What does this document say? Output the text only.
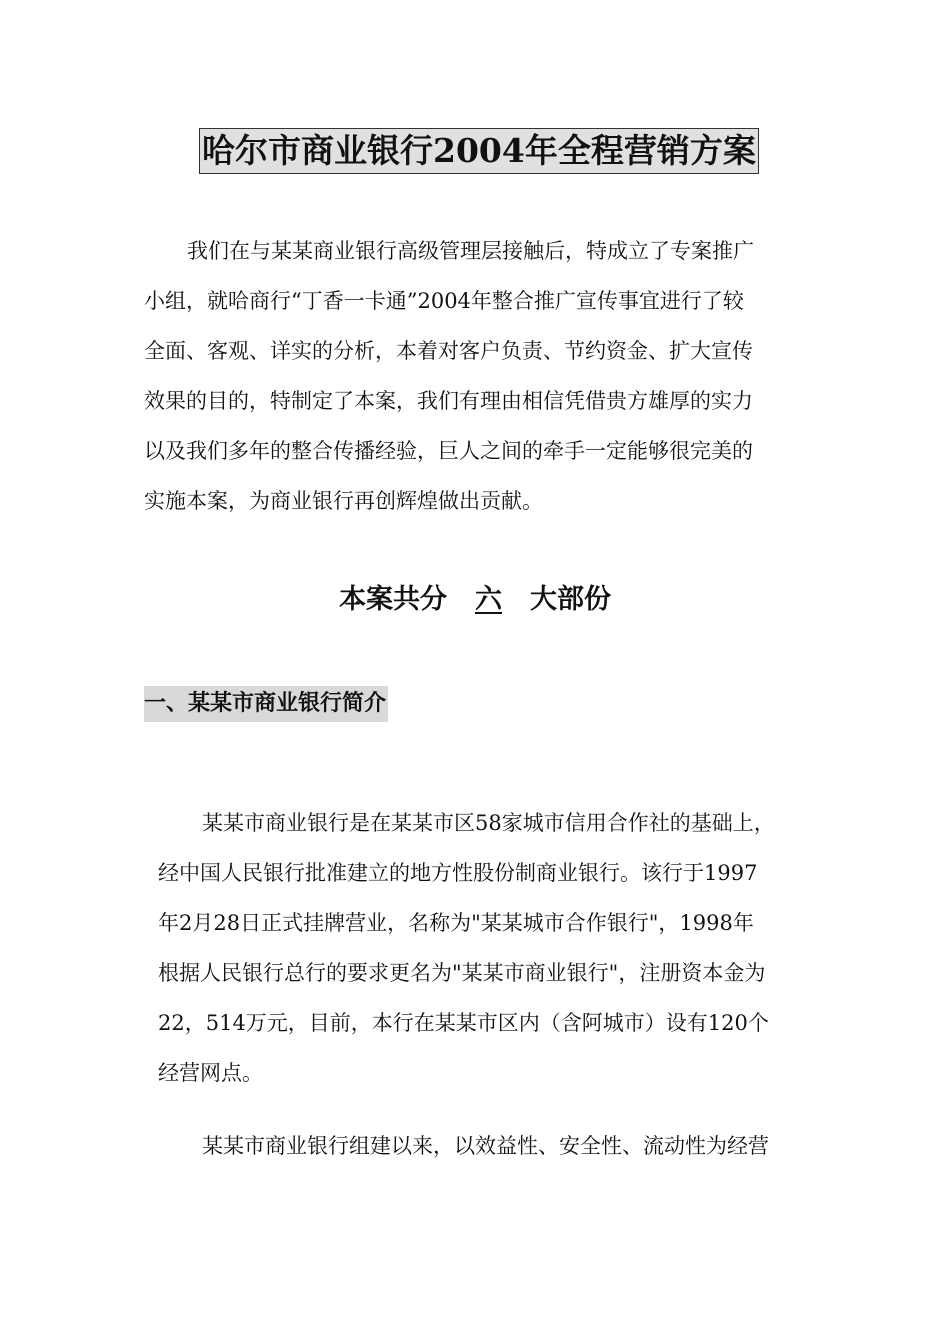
哈尔市商业银行2004年全程营销方案
我们在与某某商业银行高级管理层接触后，特成立了专案推广
小组，就哈商行“丁香一卡通”2004年整合推广宣传事宜进行了较
全面、客观、详实的分析，本着对客户负责、节约资金、扩大宣传
效果的目的，特制定了本案，我们有理由相信凭借贵方雄厚的实力
以及我们多年的整合传播经验，巨人之间的牵手一定能够很完美的
实施本案，为商业银行再创辉煌做出贡献。
本案共分 六 大部份
一、某某市商业银行简介
某某市商业银行是在某某市区58家城市信用合作社的基础上，
经中国人民银行批准建立的地方性股份制商业银行。该行于1997
年2月28日正式挂牌营业，名称为"某某城市合作银行"，1998年
根据人民银行总行的要求更名为"某某市商业银行"，注册资本金为
22，514万元，目前，本行在某某市区内（含阿城市）设有120个
经营网点。
某某市商业银行组建以来，以效益性、安全性、流动性为经营
